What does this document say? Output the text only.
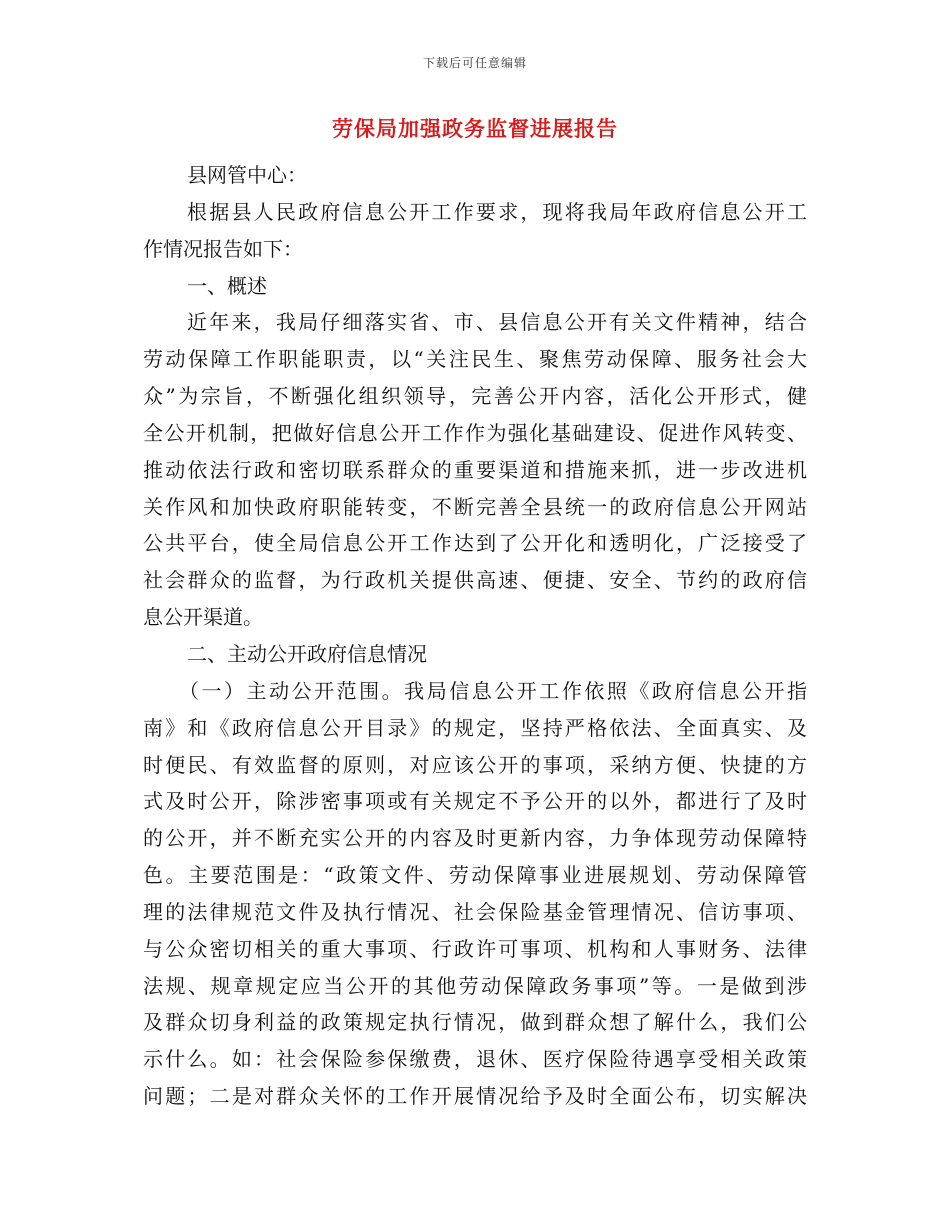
下载后可任意编辑
劳保局加强政务监督进展报告
县网管中心：
根据县人民政府信息公开工作要求，现将我局年政府信息公开工
作情况报告如下：
一、概述
近年来，我局仔细落实省、市、县信息公开有关文件精神，结合
劳动保障工作职能职责，以“关注民生、聚焦劳动保障、服务社会大
众”为宗旨，不断强化组织领导，完善公开内容，活化公开形式，健
全公开机制，把做好信息公开工作作为强化基础建设、促进作风转变、
推动依法行政和密切联系群众的重要渠道和措施来抓，进一步改进机
关作风和加快政府职能转变，不断完善全县统一的政府信息公开网站
公共平台，使全局信息公开工作达到了公开化和透明化，广泛接受了
社会群众的监督，为行政机关提供高速、便捷、安全、节约的政府信
息公开渠道。
二、主动公开政府信息情况
（一）主动公开范围。我局信息公开工作依照《政府信息公开指
南》和《政府信息公开目录》的规定，坚持严格依法、全面真实、及
时便民、有效监督的原则，对应该公开的事项，采纳方便、快捷的方
式及时公开，除涉密事项或有关规定不予公开的以外，都进行了及时
的公开，并不断充实公开的内容及时更新内容，力争体现劳动保障特
色。主要范围是：“政策文件、劳动保障事业进展规划、劳动保障管
理的法律规范文件及执行情况、社会保险基金管理情况、信访事项、
与公众密切相关的重大事项、行政许可事项、机构和人事财务、法律
法规、规章规定应当公开的其他劳动保障政务事项”等。一是做到涉
及群众切身利益的政策规定执行情况，做到群众想了解什么，我们公
示什么。如：社会保险参保缴费，退休、医疗保险待遇享受相关政策
问题；二是对群众关怀的工作开展情况给予及时全面公布，切实解决
